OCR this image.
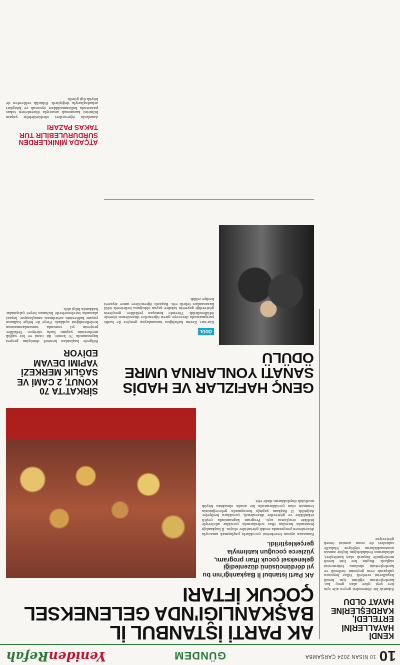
10
10 NİSAN 2024 ÇARŞAMBA
GÜNDEM
YenidenRefah
KENDİ HAYALLERİNİ ERTELEDİ, KARDEŞLERİNE HAYAT OLDU
Sıkıntılı bir dönemden geçen aile için her şeyi göze alan genç kız, kardeşlerinin eğitimi için kendi hayallerini erteledi. Yıllar boyunca çalışarak evin geçimini üstlendi ve kardeşlerinin okulunu bitirmesini sağladı. Bugün her biri kendi mesleğinde başarılı olan kardeşleri, ablalarının fedakârlığını hiçbir zaman unutmadıklarını söylüyor. Mahalle sakinleri de onun azmini örnek gösteriyor.
AK PARTİ İSTANBUL İL BAŞKANLIĞI'NDA GELENEKSEL ÇOCUK İFTARI
AK Parti İstanbul İl Başkanlığı'nın bu yıl dördüncüsünü düzenlediği geleneksel çocuk iftarı programı, yüzlerce çocuğun katılımıyla gerçekleştirildi.
Ramazan ayının bereketini çocuklarla paylaşmak amacıyla düzenlenen programda renkli görüntüler oluştu. İl başkanlığı binasında kurulan iftar sofralarında çocuklar aileleriyle birlikte oruçlarını açtı. Program kapsamında çeşitli etkinlikler ve gösteriler düzenlendi, çocuklara hediyeler dağıtıldı. İl Başkanı yaptığı konuşmada geleceğimizin teminatı olan çocuklarımızla bir arada olmaktan büyük mutluluk duyduklarını ifade etti.
GENÇ HAFIZLAR VE HADİS SANATI YONLARINA UMRE ÖDÜLÜ
ÖDÜL
Kur'an-ı Kerim hafızlığını tamamlayan gençler ile hadis yarışmasında dereceye giren öğrenciler düzenlenen törenle ödüllendirildi. Törende konuşan yetkililer, gençlerin gösterdiği gayretin takdire şayan olduğunu belirterek ödül kazananları tebrik etti. Başarılı öğrencilere umre ziyareti hediye edildi.
SİRKAT'TA 70 KONUT, 2 CAMİ VE SAĞLIK MERKEZİ YAPIMI DEVAM EDİYOR
Bölgede başlatılan kentsel dönüşüm projesi kapsamında 70 konut, iki cami ve bir sağlık merkezinin yapımı hızla sürüyor. Yetkililer projenin yıl sonunda tamamlanmasının hedeflendiğini açıkladı. Proje ile bölge halkının yaşam kalitesinin artırılması amaçlanıyor. İnşaat alanında incelemelerde bulunan heyet çalışmalar hakkında bilgi aldı.
ATÇADA MİNİKLERDEN SÜRDÜRÜLEBİLİR TÜR TAKAS PAZARI
Anaokulu öğrencileri sürdürülebilir yaşam bilincini kazanmak amacıyla düzenlenen takas pazarında kullanmadıkları oyuncak ve kitapları arkadaşlarıyla değiştirdi. Etkinlik velilerden de büyük ilgi gördü.
